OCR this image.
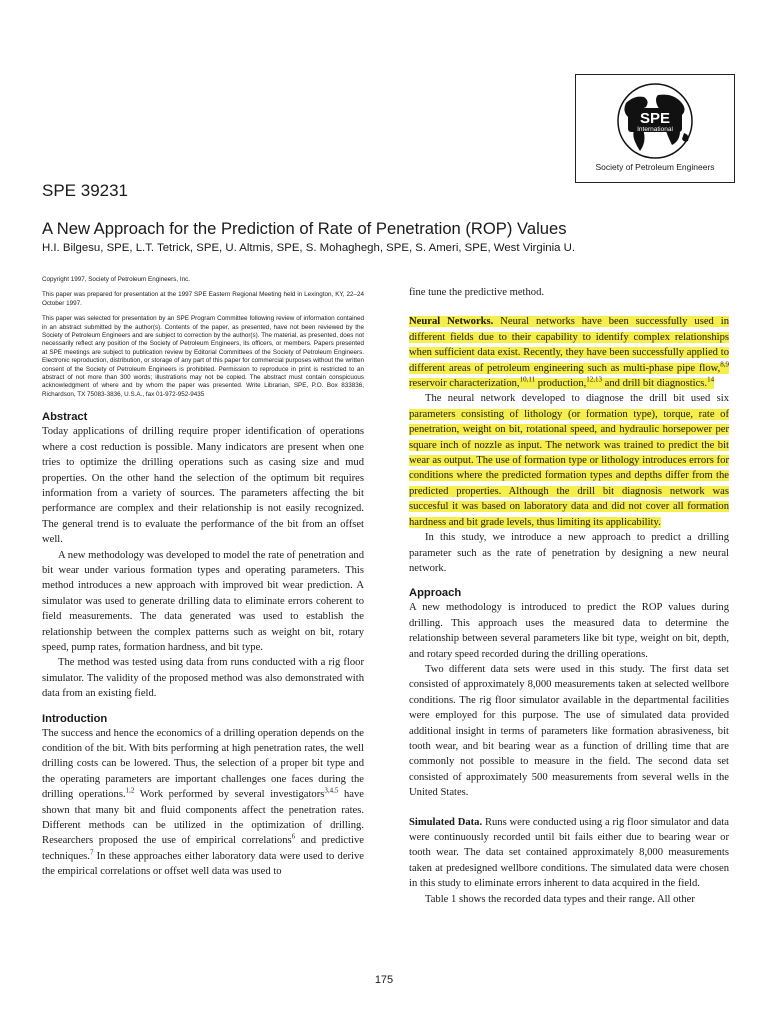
SPE
International
Society of Petroleum Engineers
SPE 39231
A New Approach for the Prediction of Rate of Penetration (ROP) Values
H.I. Bilgesu, SPE, L.T. Tetrick, SPE, U. Altmis, SPE, S. Mohaghegh, SPE, S. Ameri, SPE, West Virginia U.

Copyright 1997, Society of Petroleum Engineers, Inc.

This paper was prepared for presentation at the 1997 SPE Eastern Regional Meeting held in Lexington, KY, 22–24 October 1997.

This paper was selected for presentation by an SPE Program Committee following review of information contained in an abstract submitted by the author(s). Contents of the paper, as presented, have not been reviewed by the Society of Petroleum Engineers and are subject to correction by the author(s). The material, as presented, does not necessarily reflect any position of the Society of Petroleum Engineers, its officers, or members. Papers presented at SPE meetings are subject to publication review by Editorial Committees of the Society of Petroleum Engineers. Electronic reproduction, distribution, or storage of any part of this paper for commercial purposes without the written consent of the Society of Petroleum Engineers is prohibited. Permission to reproduce in print is restricted to an abstract of not more than 300 words; illustrations may not be copied. The abstract must contain conspicuous acknowledgment of where and by whom the paper was presented. Write Librarian, SPE, P.O. Box 833836, Richardson, TX 75083-3836, U.S.A., fax 01-972-952-9435

Abstract

Today applications of drilling require proper identification of operations where a cost reduction is possible. Many indicators are present when one tries to optimize the drilling operations such as casing size and mud properties. On the other hand the selection of the optimum bit requires information from a variety of sources. The parameters affecting the bit performance are complex and their relationship is not easily recognized. The general trend is to evaluate the performance of the bit from an offset well.

A new methodology was developed to model the rate of penetration and bit wear under various formation types and operating parameters. This method introduces a new approach with improved bit wear prediction. A simulator was used to generate drilling data to eliminate errors coherent to field measurements. The data generated was used to establish the relationship between the complex patterns such as weight on bit, rotary speed, pump rates, formation hardness, and bit type.

The method was tested using data from runs conducted with a rig floor simulator. The validity of the proposed method was also demonstrated with data from an existing field.

Introduction

The success and hence the economics of a drilling operation depends on the condition of the bit. With bits performing at high penetration rates, the well drilling costs can be lowered. Thus, the selection of a proper bit type and the operating parameters are important challenges one faces during the drilling operations.$^{1,2}$ Work performed by several investigators$^{3,4,5}$ have shown that many bit and fluid components affect the penetration rates. Different methods can be utilized in the optimization of drilling. Researchers proposed the use of empirical correlations$^6$ and predictive techniques.$^7$ In these approaches either laboratory data were used to derive the empirical correlations or offset well data was used to

fine tune the predictive method.

Neural Networks. Neural networks have been successfully used in different fields due to their capability to identify complex relationships when sufficient data exist. Recently, they have been successfully applied to different areas of petroleum engineering such as multi-phase pipe flow,$^{8,9}$ reservoir characterization,$^{10,11}$ production,$^{12,13}$ and drill bit diagnostics.$^{14}$

The neural network developed to diagnose the drill bit used six parameters consisting of lithology (or formation type), torque, rate of penetration, weight on bit, rotational speed, and hydraulic horsepower per square inch of nozzle as input. The network was trained to predict the bit wear as output. The use of formation type or lithology introduces errors for conditions where the predicted formation types and depths differ from the predicted properties. Although the drill bit diagnosis network was succesful it was based on laboratory data and did not cover all formation hardness and bit grade levels, thus limiting its applicability.

In this study, we introduce a new approach to predict a drilling parameter such as the rate of penetration by designing a new neural network.

Approach

A new methodology is introduced to predict the ROP values during drilling. This approach uses the measured data to determine the relationship between several parameters like bit type, weight on bit, depth, and rotary speed recorded during the drilling operations.

Two different data sets were used in this study. The first data set consisted of approximately 8,000 measurements taken at selected wellbore conditions. The rig floor simulator available in the departmental facilities were employed for this purpose. The use of simulated data provided additional insight in terms of parameters like formation abrasiveness, bit tooth wear, and bit bearing wear as a function of drilling time that are commonly not possible to measure in the field. The second data set consisted of approximately 500 measurements from several wells in the United States.

Simulated Data. Runs were conducted using a rig floor simulator and data were continuously recorded until bit fails either due to bearing wear or tooth wear. The data set contained approximately 8,000 measurements taken at predesigned wellbore conditions. The simulated data were chosen in this study to eliminate errors inherent to data acquired in the field.

Table 1 shows the recorded data types and their range. All other

175
